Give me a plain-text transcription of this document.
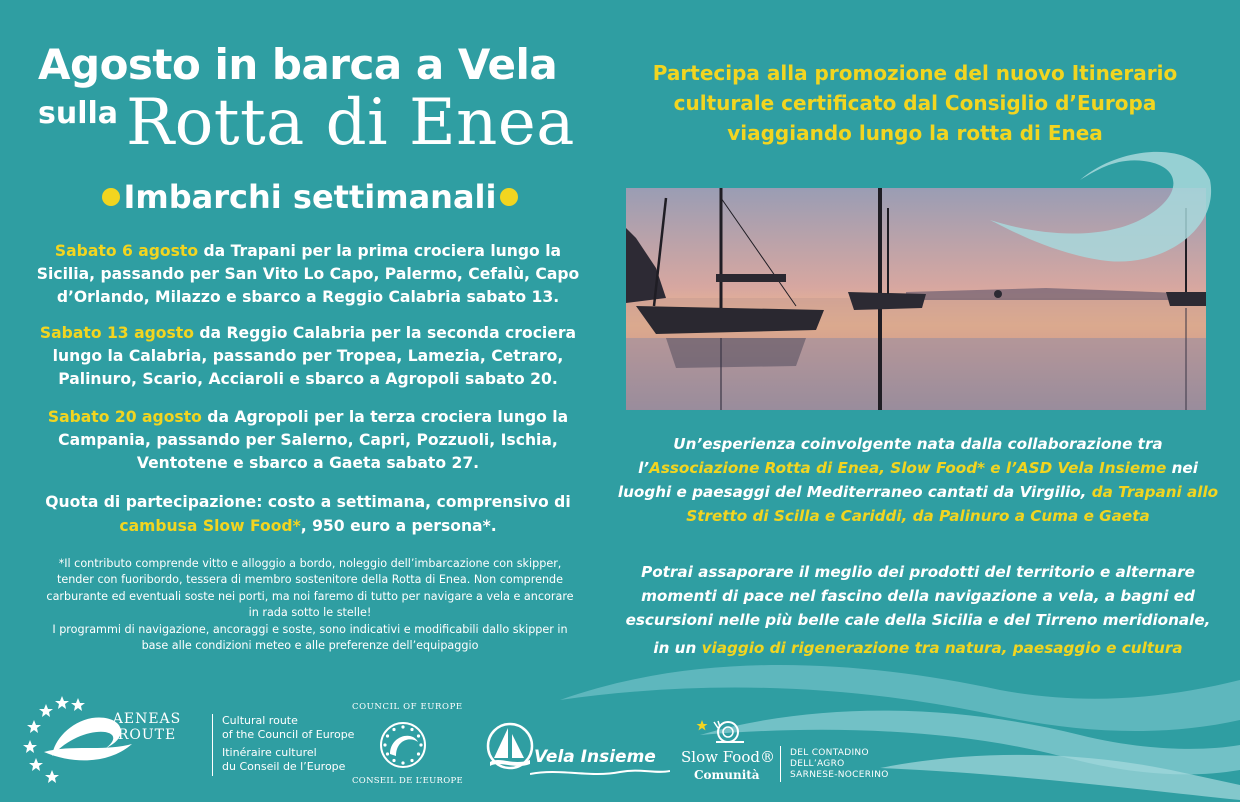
Agosto in barca a Vela
sulla Rotta di Enea
Imbarchi settimanali
Sabato 6 agosto da Trapani per la prima crociera lungo la Sicilia, passando per San Vito Lo Capo, Palermo, Cefalù, Capo d’Orlando, Milazzo e sbarco a Reggio Calabria sabato 13.
Sabato 13 agosto da Reggio Calabria per la seconda crociera lungo la Calabria, passando per Tropea, Lamezia, Cetraro, Palinuro, Scario, Acciaroli e sbarco a Agropoli sabato 20.
Sabato 20 agosto da Agropoli per la terza crociera lungo la Campania, passando per Salerno, Capri, Pozzuoli, Ischia, Ventotene e sbarco a Gaeta sabato 27.
Quota di partecipazione: costo a settimana, comprensivo di
cambusa Slow Food*, 950 euro a persona*.
*Il contributo comprende vitto e alloggio a bordo, noleggio dell’imbarcazione con skipper, tender con fuoribordo, tessera di membro sostenitore della Rotta di Enea. Non comprende carburante ed eventuali soste nei porti, ma noi faremo di tutto per navigare a vela e ancorare in rada sotto le stelle!
I programmi di navigazione, ancoraggi e soste, sono indicativi e modificabili dallo skipper in base alle condizioni meteo e alle preferenze dell’equipaggio
Partecipa alla promozione del nuovo Itinerario
culturale certificato dal Consiglio d’Europa
viaggiando lungo la rotta di Enea
Un’esperienza coinvolgente nata dalla collaborazione tra
l’Associazione Rotta di Enea, Slow Food* e l’ASD Vela Insieme nei luoghi e paesaggi del Mediterraneo cantati da Virgilio, da Trapani allo Stretto di Scilla e Cariddi, da Palinuro a Cuma e Gaeta
Potrai assaporare il meglio dei prodotti del territorio e alternare momenti di pace nel fascino della navigazione a vela, a bagni ed escursioni nelle più belle cale della Sicilia e del Tirreno meridionale,
in un viaggio di rigenerazione tra natura, paesaggio e cultura
AENEAS
ROUTE
Cultural route
of the Council of Europe
Itinéraire culturel
du Conseil de l’Europe
COUNCIL OF EUROPE
CONSEIL DE L’EUROPE
Vela Insieme Slow Food®
Comunità
DEL CONTADINO
DELL’AGRO
SARNESE-NOCERINO
